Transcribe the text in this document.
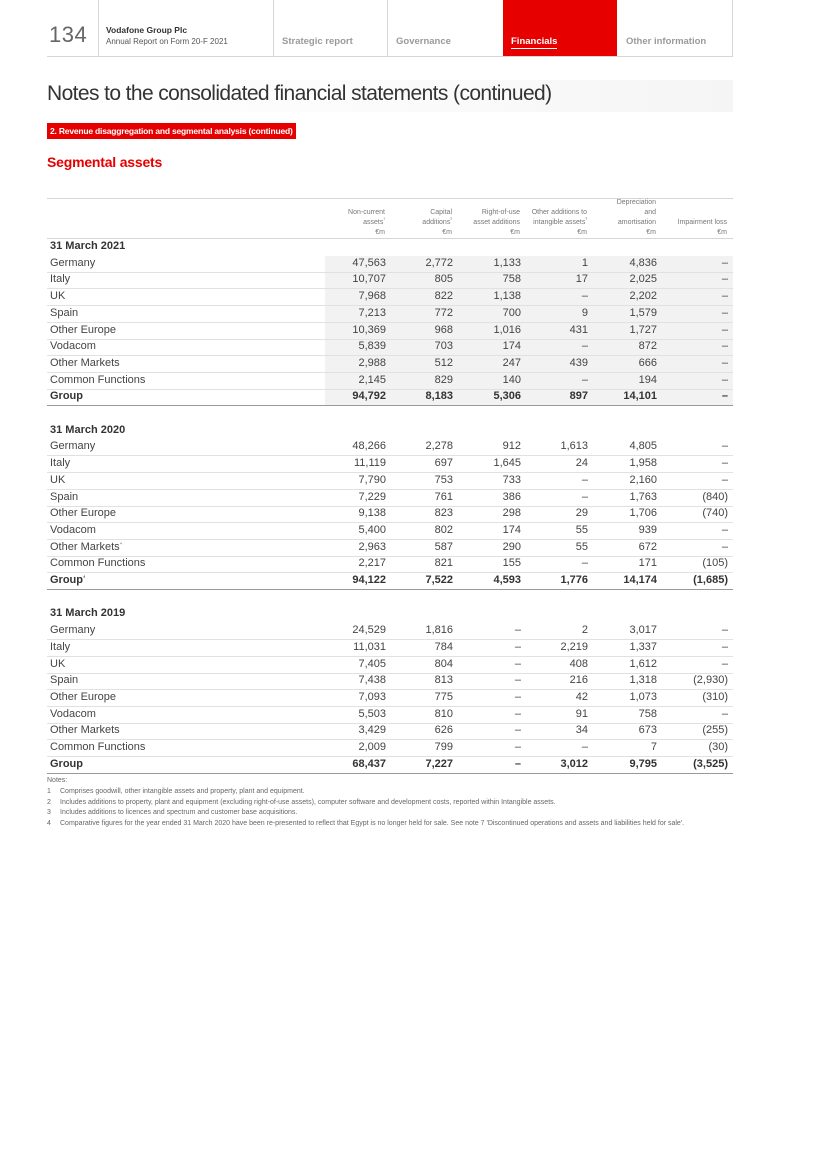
134 Vodafone Group Plc
Annual Report on Form 20-F 2021	Strategic report	Governance	Financials	Other information
Notes to the consolidated financial statements (continued)
2. Revenue disaggregation and segmental analysis (continued)
Segmental assets
Non-current
assets$^{^1}$
€m
Capital
additions$^{^2}$
€m
Right-of-use
asset additions
€m
Other additions to
intangible assets$^{^3}$
€m
Depreciation
and
amortisation
€m
Impairment loss
€m
31 March 2021
Germany	47,563	2,772	1,133	1	4,836	–
Italy	10,707	805	758	17	2,025	–
UK	7,968	822	1,138	–	2,202	–
Spain	7,213	772	700	9	1,579	–
Other Europe	10,369	968	1,016	431	1,727	–
Vodacom	5,839	703	174	–	872	–
Other Markets	2,988	512	247	439	666	–
Common Functions	2,145	829	140	–	194	–
Group	94,792	8,183	5,306	897	14,101	–
31 March 2020
Germany	48,266	2,278	912	1,613	4,805	–
Italy	11,119	697	1,645	24	1,958	–
UK	7,790	753	733	–	2,160	–
Spain	7,229	761	386	–	1,763	(840)
Other Europe	9,138	823	298	29	1,706	(740)
Vodacom	5,400	802	174	55	939	–
Other Markets$^{^4}$	2,963	587	290	55	672	–
Common Functions	2,217	821	155	–	171	(105)
Group$^{^4}$	94,122	7,522	4,593	1,776	14,174	(1,685)
31 March 2019
Germany	24,529	1,816	–	2	3,017	–
Italy	11,031	784	–	2,219	1,337	–
UK	7,405	804	–	408	1,612	–
Spain	7,438	813	–	216	1,318	(2,930)
Other Europe	7,093	775	–	42	1,073	(310)
Vodacom	5,503	810	–	91	758	–
Other Markets	3,429	626	–	34	673	(255)
Common Functions	2,009	799	–	–	7	(30)
Group	68,437	7,227	–	3,012	9,795	(3,525)
Notes:
1 Comprises goodwill, other intangible assets and property, plant and equipment.
2 Includes additions to property, plant and equipment (excluding right-of-use assets), computer software and development costs, reported within Intangible assets.
3 Includes additions to licences and spectrum and customer base acquisitions.
4 Comparative figures for the year ended 31 March 2020 have been re-presented to reflect that Egypt is no longer held for sale. See note 7 'Discontinued operations and assets and liabilities held for sale'.
